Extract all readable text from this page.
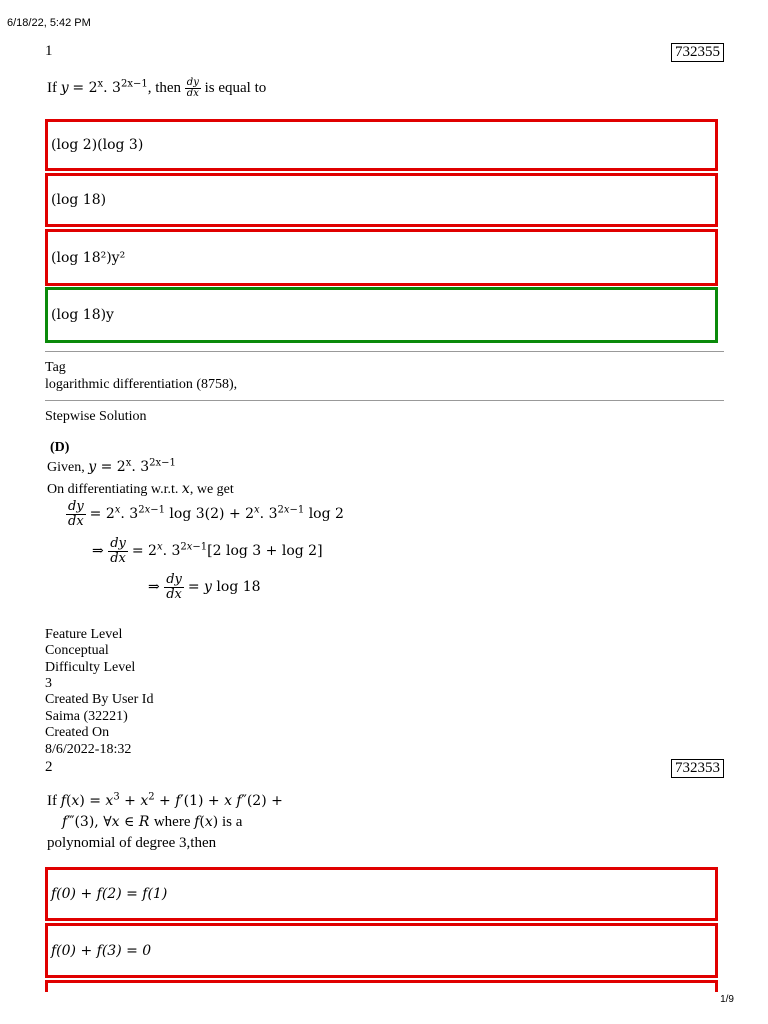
6/18/22, 5:42 PM
1	732355
If $y = 2^x$. $3^{2x-1}$, then $\frac{dy}{dx}$ is equal to
(log 2)(log 3)
(log 18)
(log 18²)y²
(log 18)y
Tag
logarithmic differentiation (8758),
Stepwise Solution
(D)
Given, $y = 2^x$. $3^{2x-1}$
On differentiating w.r.t. x, we get
$\frac{dy}{dx} = 2^x$. $3^{2x-1}$ $\log 3(2) + 2^x$. $3^{2x-1}$ log 2
⇒ $\frac{dy}{dx} = 2^x$. $3^{2x-1}[2$ log 3 + log 2]
⇒ $\frac{dy}{dx} = y$ log 18
Feature Level
Conceptual
Difficulty Level
3
Created By User Id
Saima (32221)
Created On
8/6/2022-18:32
2	732353
If $f(x) = x^3 + x^2 + f'(1) + x$ f″(2) +
f‴(3), ∀x ∈ R where f(x) is a
polynomial of degree 3,then
f(0) + f(2) = f(1)
f(0) + f(3) = 0
1/9
